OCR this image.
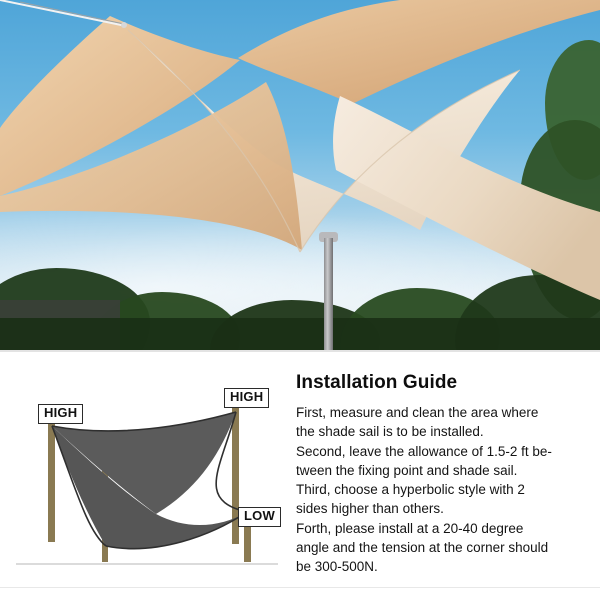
HIGH
HIGH
LOW
Installation Guide

First, measure and clean the area where

the shade sail is to be installed.

Second, leave the allowance of 1.5-2 ft be-

tween the fixing point and shade sail.

Third, choose a hyperbolic style with 2

sides higher than others.

Forth, please install at a 20-40 degree

angle and the tension at the corner should

be 300-500N.
